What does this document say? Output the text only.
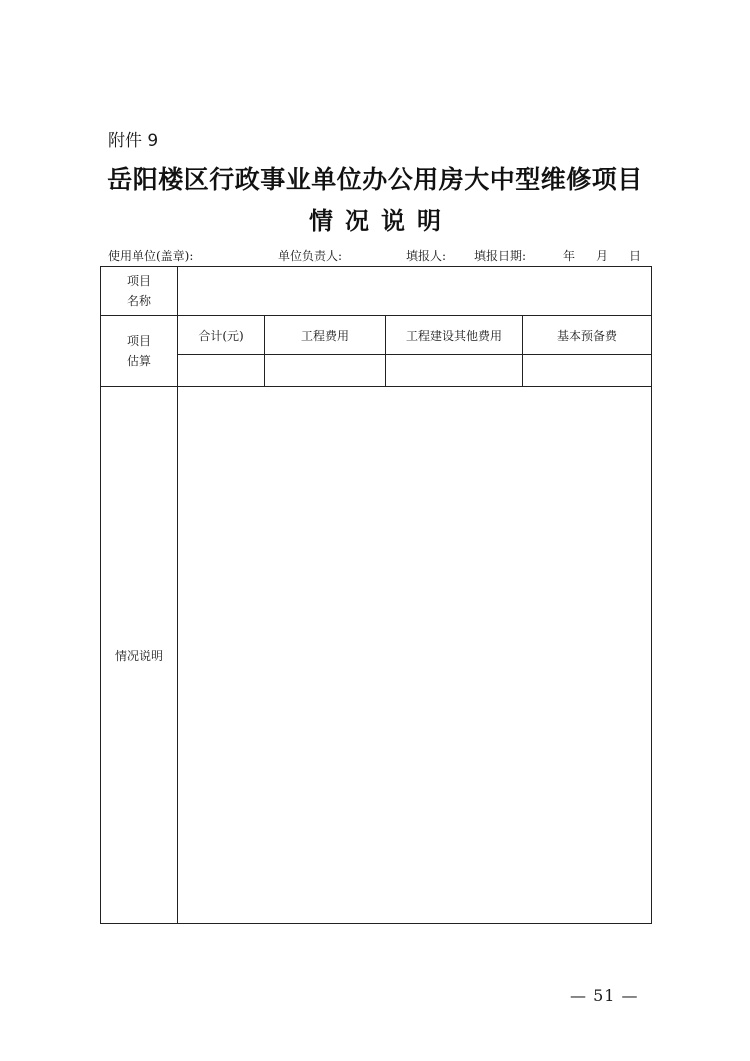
附件 9
岳阳楼区行政事业单位办公用房大中型维修项目
情况说明
使用单位(盖章):	单位负责人:	填报人: 填报日期:	年 月 日
项目
名称				

项目
估算	合计(元)	工程费用	工程建设其他费用	基本预备费

情况说明				
— 51 —
